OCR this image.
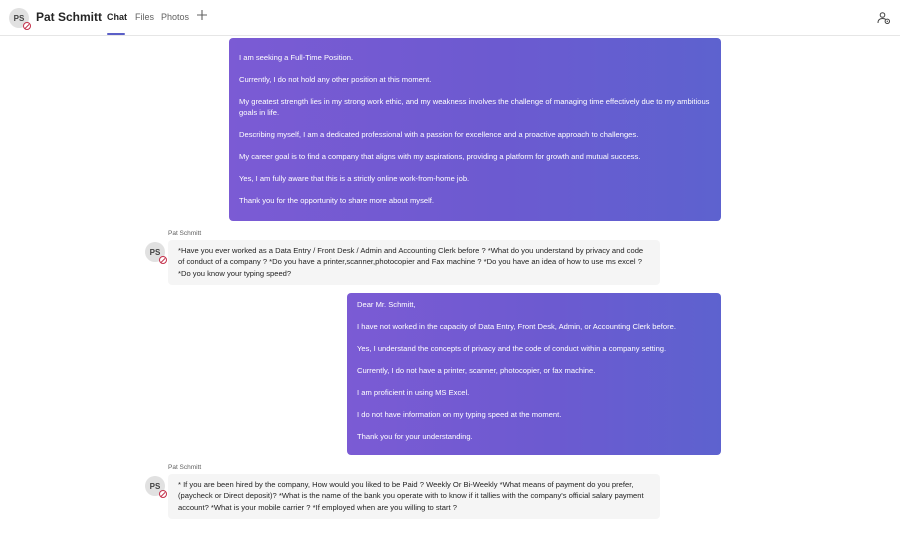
PS Pat Schmitt Chat Files Photos

I am seeking a Full-Time Position.

Currently, I do not hold any other position at this moment.

My greatest strength lies in my strong work ethic, and my weakness involves the challenge of managing time effectively due to my ambitious goals in life.

Describing myself, I am a dedicated professional with a passion for excellence and a proactive approach to challenges.

My career goal is to find a company that aligns with my aspirations, providing a platform for growth and mutual success.

Yes, I am fully aware that this is a strictly online work-from-home job.

Thank you for the opportunity to share more about myself.

Pat Schmitt
PS	*Have you ever worked as a Data Entry / Front Desk / Admin and Accounting Clerk before ? *What do you understand by privacy and code of conduct of a company ? *Do you have a printer,scanner,photocopier and Fax machine ? *Do you have an idea of how to use ms excel ? *Do you know your typing speed?

Dear Mr. Schmitt,

I have not worked in the capacity of Data Entry, Front Desk, Admin, or Accounting Clerk before.

Yes, I understand the concepts of privacy and the code of conduct within a company setting.

Currently, I do not have a printer, scanner, photocopier, or fax machine.

I am proficient in using MS Excel.

I do not have information on my typing speed at the moment.

Thank you for your understanding.

Pat Schmitt
PS	* If you are been hired by the company, How would you liked to be Paid ? Weekly Or Bi-Weekly *What means of payment do you prefer,(paycheck or Direct deposit)? *What is the name of the bank you operate with to know if it tallies with the company's official salary payment account? *What is your mobile carrier ? *If employed when are you willing to start ?
